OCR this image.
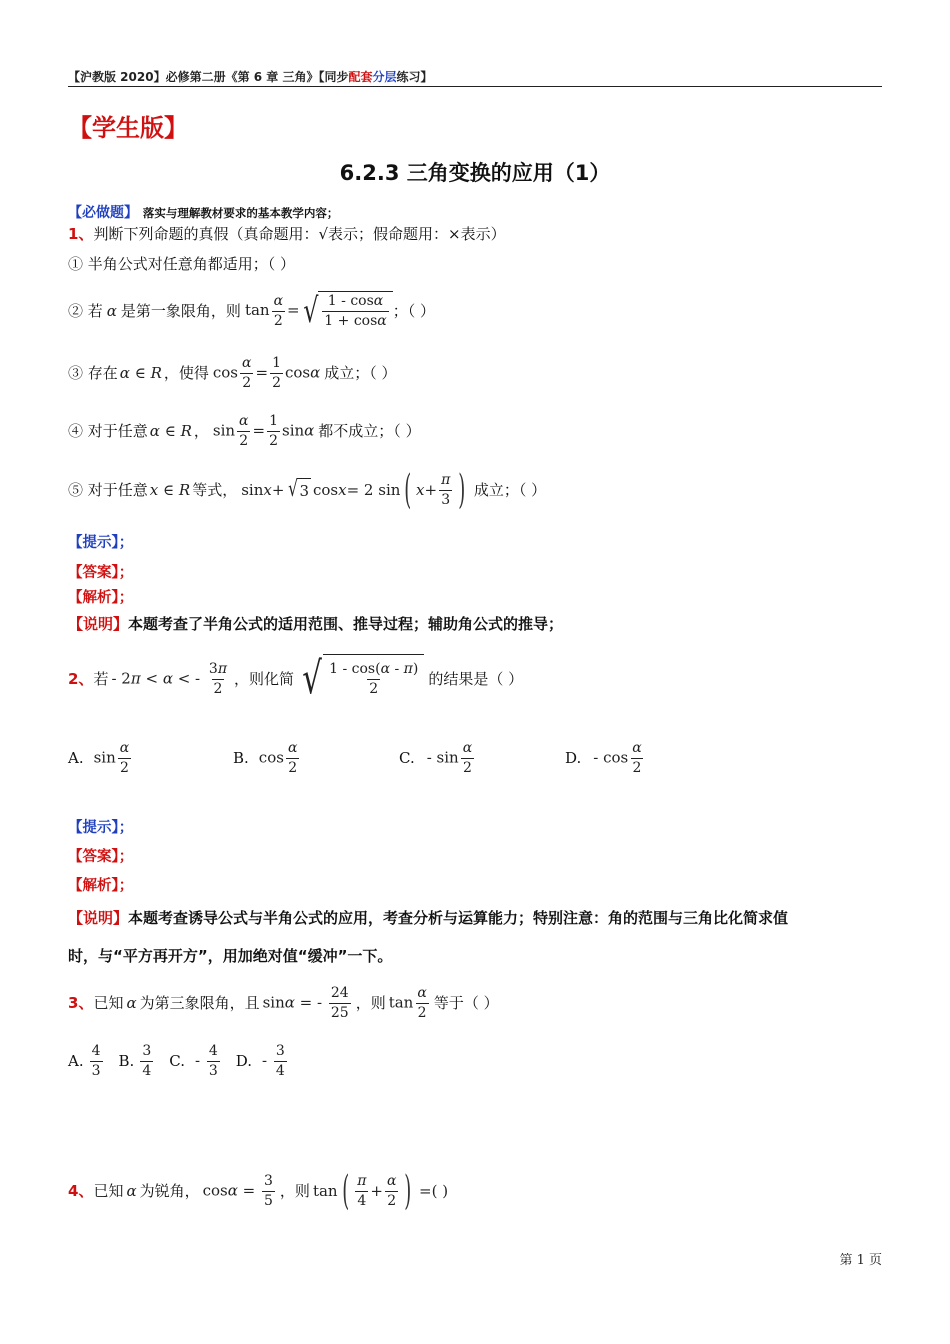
【沪教版 2020】必修第二册《第 6 章 三角》【同步配套分层练习】
【学生版】
6.2.3 三角变换的应用（1）
【必做题】 落实与理解教材要求的基本教学内容；
1、判断下列命题的真假（真命题用：√表示；假命题用：×表示）
① 半角公式对任意角都适用；（ ）
② 若 α 是第一象限角，则 $\tan \frac{\alpha}{2}$ = √ $\frac{1 - \cos\alpha}{1 + \cos\alpha}$ ；（ ）
③ 存在 α ∈ R ，使得 $\cos \frac{\alpha}{2} = \frac{1}{2}$ cosα 成立；（ ）
④ 对于任意 α ∈ R ， $\sin \frac{\alpha}{2} = \frac{1}{2}$ sinα 都不成立；（ ）
⑤ 对于任意 x ∈ R 等式， sin x + √ 3 cos x = 2 sin ( $x + \frac{\pi}{3}$ ) 成立；（ ）
【提示】；
【答案】；
【解析】；
【说明】本题考查了半角公式的适用范围、推导过程；辅助角公式的推导；
2、 若 - 2π < α < - $\frac{3\pi}{2}$ ，则化简 √ $\frac{1 - \cos(\alpha - \pi)}{2}$ 的结果是（ ）
A. $\sin \frac{\alpha}{2}$	B. $\cos \frac{\alpha}{2}$	C. - $\sin \frac{\alpha}{2}$	D. - $\cos \frac{\alpha}{2}$
【提示】；
【答案】；
【解析】；
【说明】本题考查诱导公式与半角公式的应用，考查分析与运算能力；特别注意：角的范围与三角比化简求值
时，与“平方再开方”，用加绝对值“缓冲”一下。
3、 已知 α 为第三象限角，且 sinα = - $\frac{24}{25}$ ，则 $\tan \frac{\alpha}{2}$ 等于（ ）
A. $\frac{4}{3} B$. $\frac{3}{4} C$. - $\frac{4}{3} D$. - $\frac{3}{4}$
4、 已知 α 为锐角， $\cos\alpha = \frac{3}{5}$ ，则 tan ( $\frac{\pi}{4} + \frac{\alpha}{2}$ ) =( )
第 1 页
